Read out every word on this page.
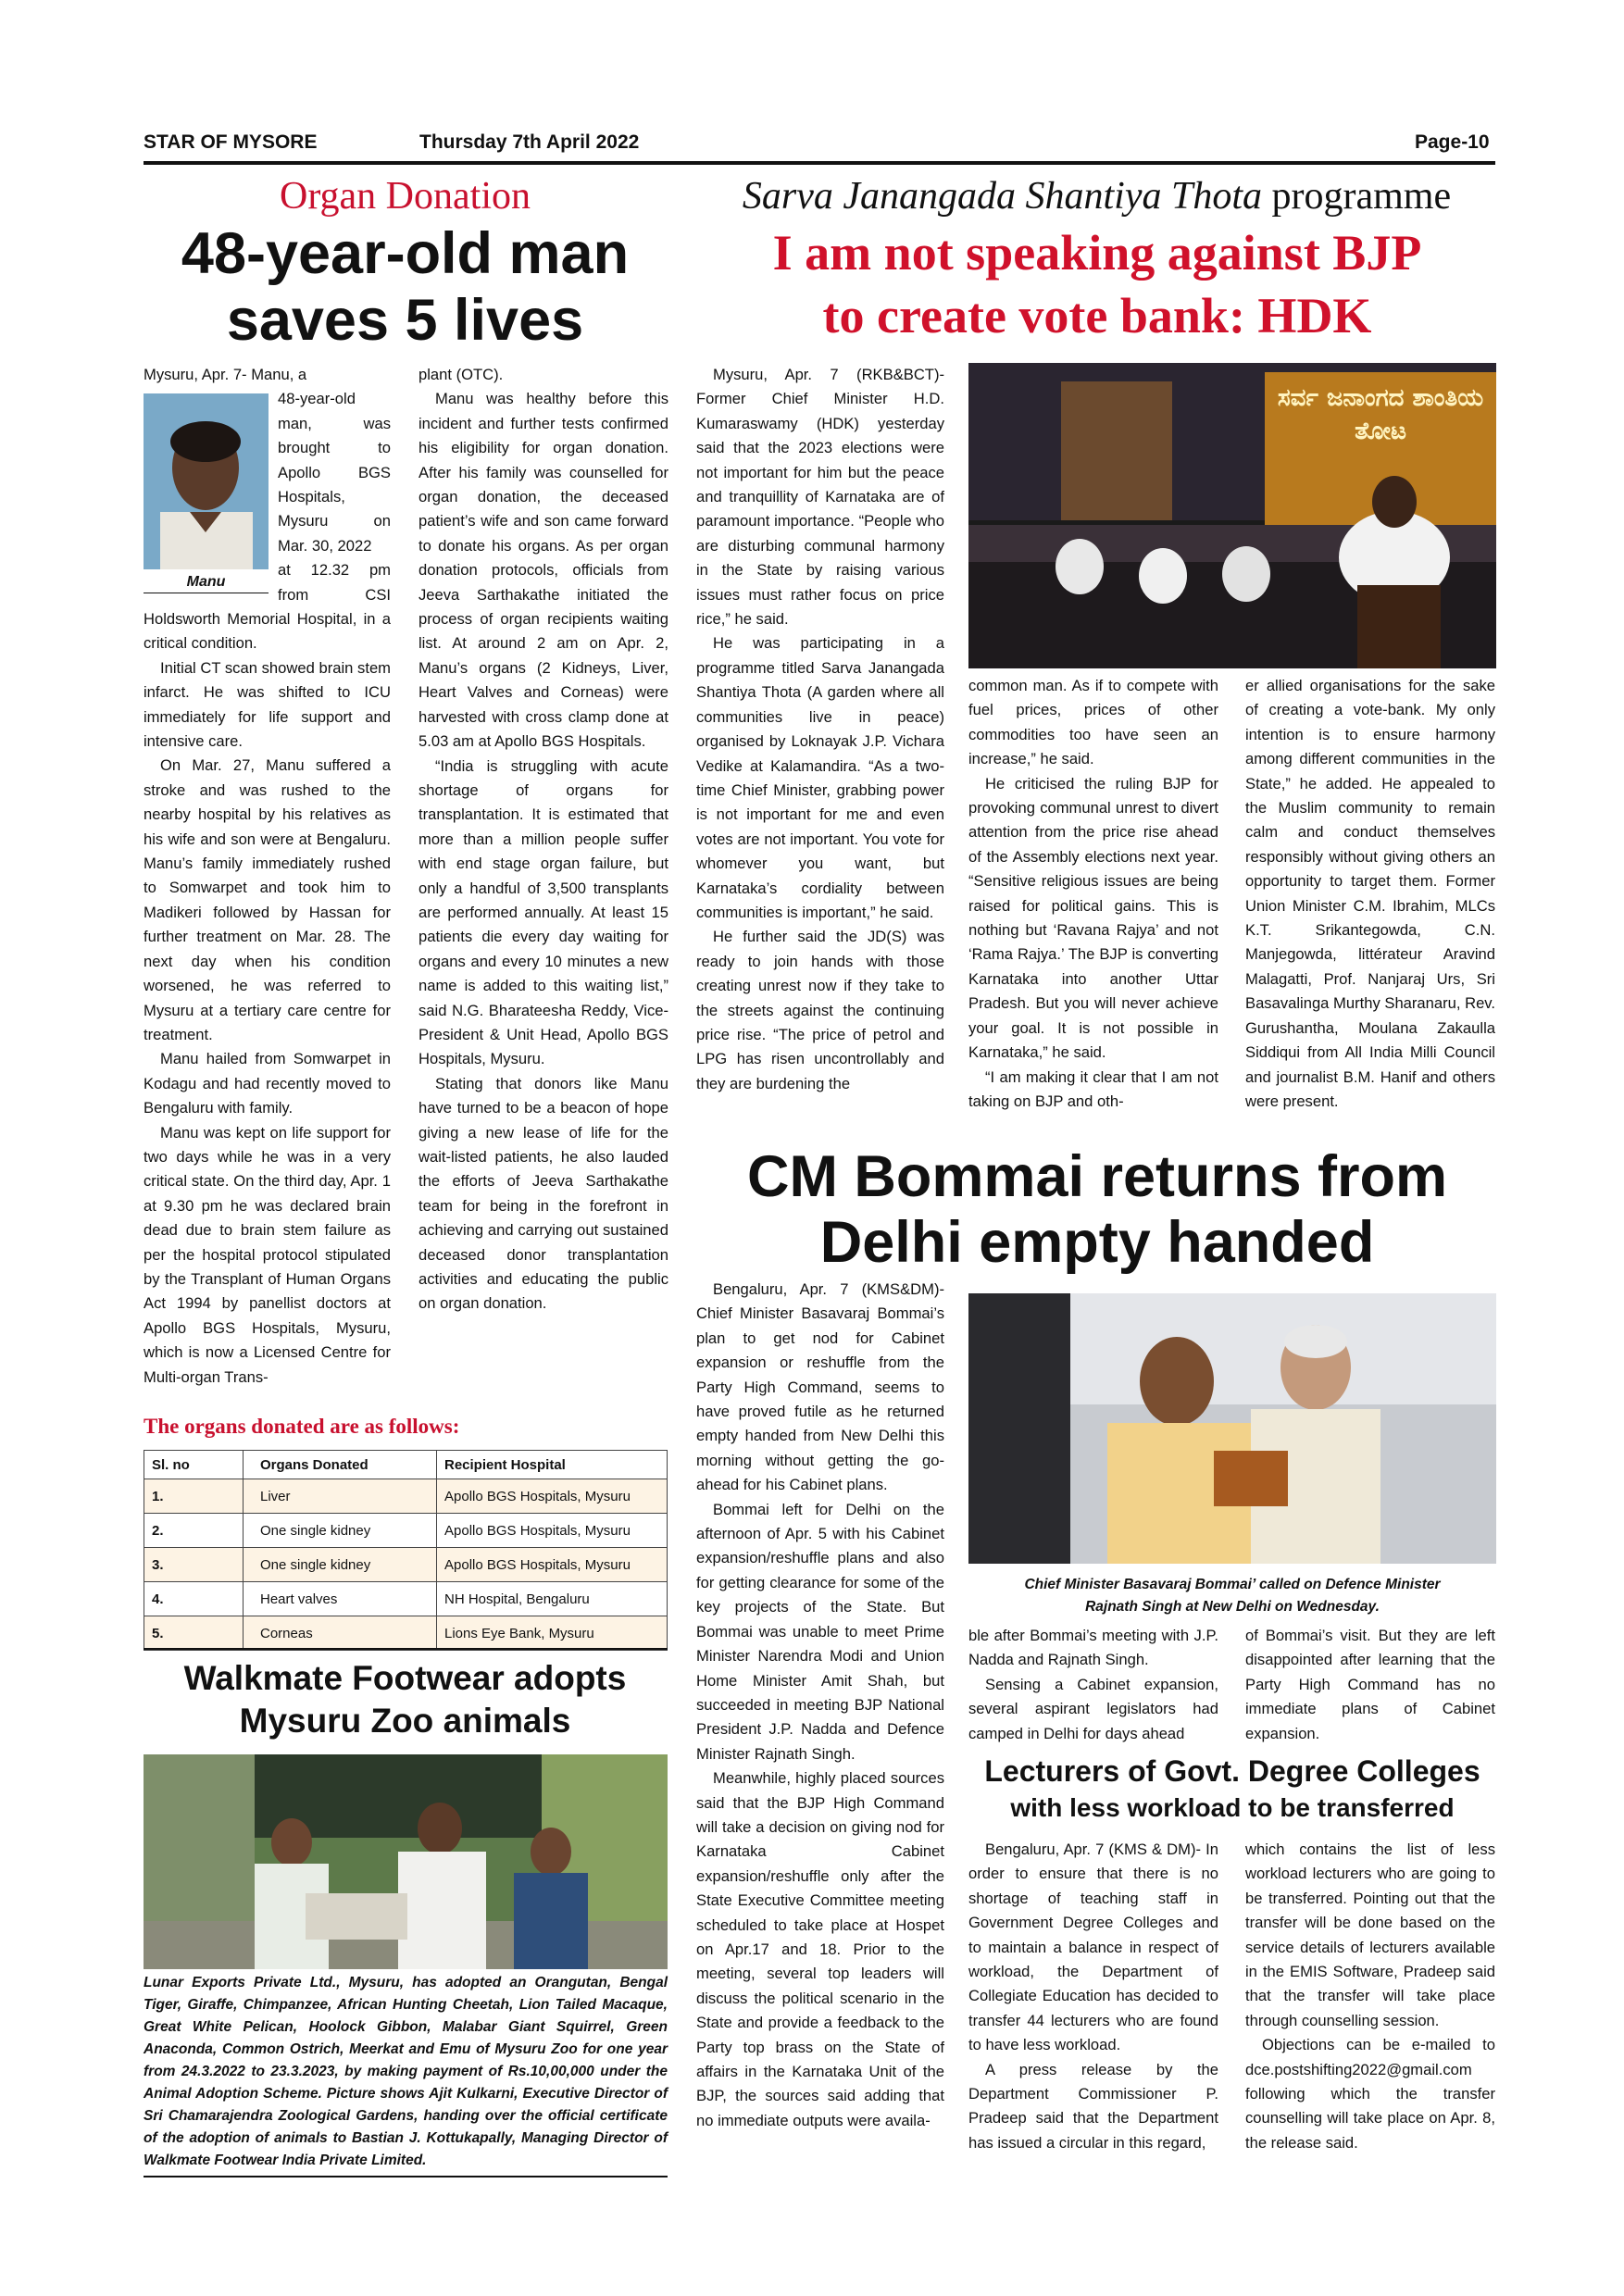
STAR OF MYSORE	Thursday 7th April 2022	Page-10
Organ Donation
48-year-old man
saves 5 lives
Manu
Mysuru, Apr. 7- Manu, a
48-year-old
man, was
brought to
Apollo BGS
Hospitals,
Mysuru on
Mar. 30, 2022
at 12.32 pm
from CSI

Holdsworth Memorial Hospital, in a critical condition.

Initial CT scan showed brain stem infarct. He was shifted to ICU immediately for life support and intensive care.

On Mar. 27, Manu suffered a stroke and was rushed to the nearby hospital by his relatives as his wife and son were at Bengaluru. Manu’s family immediately rushed to Somwarpet and took him to Madikeri followed by Hassan for further treatment on Mar. 28. The next day when his condition worsened, he was referred to Mysuru at a tertiary care centre for treatment.

Manu hailed from Somwarpet in Kodagu and had recently moved to Bengaluru with family.

Manu was kept on life support for two days while he was in a very critical state. On the third day, Apr. 1 at 9.30 pm he was declared brain dead due to brain stem failure as per the hospital protocol stipulated by the Transplant of Human Organs Act 1994 by panellist doctors at Apollo BGS Hospitals, Mysuru, which is now a Licensed Centre for Multi-organ Trans-

plant (OTC).

Manu was healthy before this incident and further tests confirmed his eligibility for organ donation. After his family was counselled for organ donation, the deceased patient’s wife and son came forward to donate his organs. As per organ donation protocols, officials from Jeeva Sarthakathe initiated the process of organ recipients waiting list. At around 2 am on Apr. 2, Manu’s organs (2 Kidneys, Liver, Heart Valves and Corneas) were harvested with cross clamp done at 5.03 am at Apollo BGS Hospitals.

“India is struggling with acute shortage of organs for transplantation. It is estimated that more than a million people suffer with end stage organ failure, but only a handful of 3,500 transplants are performed annually. At least 15 patients die every day waiting for organs and every 10 minutes a new name is added to this waiting list,” said N.G. Bharateesha Reddy, Vice-President & Unit Head, Apollo BGS Hospitals, Mysuru.

Stating that donors like Manu have turned to be a beacon of hope giving a new lease of life for the wait-listed patients, he also lauded the efforts of Jeeva Sarthakathe team for being in the forefront in achieving and carrying out sustained deceased donor transplantation activities and educating the public on organ donation.

The organs donated are as follows:
Sl. no	Organs Donated	Recipient Hospital
1.	Liver	Apollo BGS Hospitals, Mysuru
2.	One single kidney	Apollo BGS Hospitals, Mysuru
3.	One single kidney	Apollo BGS Hospitals, Mysuru
4.	Heart valves	NH Hospital, Bengaluru
5.	Corneas	Lions Eye Bank, Mysuru
Walkmate Footwear adopts
Mysuru Zoo animals
Lunar Exports Private Ltd., Mysuru, has adopted an Orangutan, Bengal Tiger, Giraffe, Chimpanzee, African Hunting Cheetah, Lion Tailed Macaque, Great White Pelican, Hoolock Gibbon, Malabar Giant Squirrel, Green Anaconda, Common Ostrich, Meerkat and Emu of Mysuru Zoo for one year from 24.3.2022 to 23.3.2023, by making payment of Rs.10,00,000 under the Animal Adoption Scheme. Picture shows Ajit Kulkarni, Executive Director of Sri Chamarajendra Zoological Gardens, handing over the official certificate of the adoption of animals to Bastian J. Kottukapally, Managing Director of Walkmate Footwear India Private Limited.
Sarva Janangada Shantiya Thota programme
I am not speaking against BJP
to create vote bank: HDK

Mysuru, Apr. 7 (RKB&BCT)- Former Chief Minister H.D. Kumaraswamy (HDK) yesterday said that the 2023 elections were not important for him but the peace and tranquillity of Karnataka are of paramount importance. “People who are disturbing communal harmony in the State by raising various issues must rather focus on price rice,” he said.

He was participating in a programme titled Sarva Janangada Shantiya Thota (A garden where all communities live in peace) organised by Loknayak J.P. Vichara Vedike at Kalamandira. “As a two-time Chief Minister, grabbing power is not important for me and even votes are not important. You vote for whomever you want, but Karnataka’s cordiality between communities is important,” he said.

He further said the JD(S) was ready to join hands with those creating unrest now if they take to the streets against the continuing price rise. “The price of petrol and LPG has risen uncontrollably and they are burdening the

ಸರ್ವ ಜನಾಂಗದ ಶಾಂತಿಯ ತೋಟ

common man. As if to compete with fuel prices, prices of other commodities too have seen an increase,” he said.

He criticised the ruling BJP for provoking communal unrest to divert attention from the price rise ahead of the Assembly elections next year. “Sensitive religious issues are being raised for political gains. This is nothing but ‘Ravana Rajya’ and not ‘Rama Rajya.’ The BJP is converting Karnataka into another Uttar Pradesh. But you will never achieve your goal. It is not possible in Karnataka,” he said.

“I am making it clear that I am not taking on BJP and oth-

er allied organisations for the sake of creating a vote-bank. My only intention is to ensure harmony among different communities in the State,” he added. He appealed to the Muslim community to remain calm and conduct themselves responsibly without giving others an opportunity to target them. Former Union Minister C.M. Ibrahim, MLCs K.T. Srikantegowda, C.N. Manjegowda, littérateur Aravind Malagatti, Prof. Nanjaraj Urs, Sri Basavalinga Murthy Sharanaru, Rev. Gurushantha, Moulana Zakaulla Siddiqui from All India Milli Council and journalist B.M. Hanif and others were present.

CM Bommai returns from
Delhi empty handed

Bengaluru, Apr. 7 (KMS&DM)- Chief Minister Basavaraj Bommai’s plan to get nod for Cabinet expansion or reshuffle from the Party High Command, seems to have proved futile as he returned empty handed from New Delhi this morning without getting the go-ahead for his Cabinet plans.

Bommai left for Delhi on the afternoon of Apr. 5 with his Cabinet expansion/reshuffle plans and also for getting clearance for some of the key projects of the State. But Bommai was unable to meet Prime Minister Narendra Modi and Union Home Minister Amit Shah, but succeeded in meeting BJP National President J.P. Nadda and Defence Minister Rajnath Singh.

Meanwhile, highly placed sources said that the BJP High Command will take a decision on giving nod for Karnataka Cabinet expansion/reshuffle only after the State Executive Committee meeting scheduled to take place at Hospet on Apr.17 and 18. Prior to the meeting, several top leaders will discuss the political scenario in the State and provide a feedback to the Party top brass on the State of affairs in the Karnataka Unit of the BJP, the sources said adding that no immediate outputs were availa-

Chief Minister Basavaraj Bommai’ called on Defence Minister
Rajnath Singh at New Delhi on Wednesday.

ble after Bommai’s meeting with J.P. Nadda and Rajnath Singh.

Sensing a Cabinet expansion, several aspirant legislators had camped in Delhi for days ahead

of Bommai’s visit. But they are left disappointed after learning that the Party High Command has no immediate plans of Cabinet expansion.

Lecturers of Govt. Degree Colleges
with less workload to be transferred

Bengaluru, Apr. 7 (KMS & DM)- In order to ensure that there is no shortage of teaching staff in Government Degree Colleges and to maintain a balance in respect of workload, the Department of Collegiate Education has decided to transfer 44 lecturers who are found to have less workload.

A press release by the Department Commissioner P. Pradeep said that the Department has issued a circular in this regard,

which contains the list of less workload lecturers who are going to be transferred. Pointing out that the transfer will be done based on the service details of lecturers available in the EMIS Software, Pradeep said that the transfer will take place through counselling session.

Objections can be e-mailed to dce.postshifting2022@gmail.com following which the transfer counselling will take place on Apr. 8, the release said.
